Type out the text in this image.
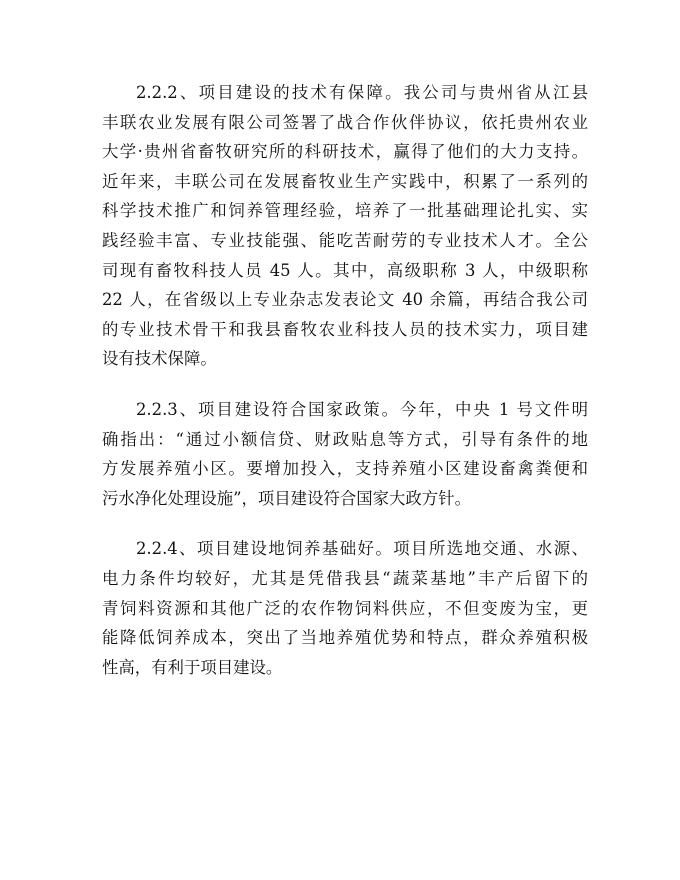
2.2.2、项目建设的技术有保障。我公司与贵州省从江县
丰联农业发展有限公司签署了战合作伙伴协议，依托贵州农业
大学·贵州省畜牧研究所的科研技术，赢得了他们的大力支持。
近年来，丰联公司在发展畜牧业生产实践中，积累了一系列的
科学技术推广和饲养管理经验，培养了一批基础理论扎实、实
践经验丰富、专业技能强、能吃苦耐劳的专业技术人才。全公
司现有畜牧科技人员 45 人。其中，高级职称 3 人，中级职称
22 人，在省级以上专业杂志发表论文 40 余篇，再结合我公司
的专业技术骨干和我县畜牧农业科技人员的技术实力，项目建
设有技术保障。

2.2.3、项目建设符合国家政策。今年，中央 1 号文件明
确指出：“通过小额信贷、财政贴息等方式，引导有条件的地
方发展养殖小区。要增加投入，支持养殖小区建设畜禽粪便和
污水净化处理设施”，项目建设符合国家大政方针。

2.2.4、项目建设地饲养基础好。项目所选地交通、水源、
电力条件均较好，尤其是凭借我县“蔬菜基地”丰产后留下的
青饲料资源和其他广泛的农作物饲料供应，不但变废为宝，更
能降低饲养成本，突出了当地养殖优势和特点，群众养殖积极
性高，有利于项目建设。
